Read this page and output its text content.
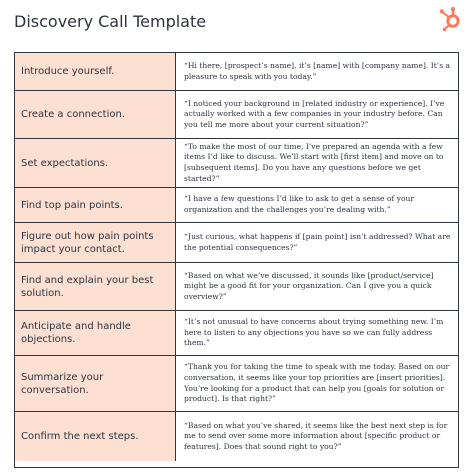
Discovery Call Template
Introduce yourself.
“Hi there, [prospect’s name], it’s [name] with [company name]. It’s a pleasure to speak with you today.”
Create a connection.
“I noticed your background in [related industry or experience]. I’ve actually worked with a few companies in your industry before. Can you tell me more about your current situation?”
Set expectations.
“To make the most of our time, I’ve prepared an agenda with a few items I’d like to discuss. We’ll start with [first item] and move on to [subsequent items]. Do you have any questions before we get started?”
Find top pain points.
“I have a few questions I’d like to ask to get a sense of your organization and the challenges you’re dealing with.”
Figure out how pain points impact your contact.
“Just curious, what happens if [pain point] isn’t addressed? What are the potential consequences?”
Find and explain your best solution.
“Based on what we’ve discussed, it sounds like [product/service] might be a good fit for your organization. Can I give you a quick overview?”
Anticipate and handle objections.
“It’s not unusual to have concerns about trying something new. I’m here to listen to any objections you have so we can fully address them.”
Summarize your conversation.
“Thank you for taking the time to speak with me today. Based on our conversation, it seems like your top priorities are [insert priorities]. You’re looking for a product that can help you [goals for solution or product]. Is that right?”
Confirm the next steps.
“Based on what you’ve shared, it seems like the best next step is for me to send over some more information about [specific product or features]. Does that sound right to you?”
